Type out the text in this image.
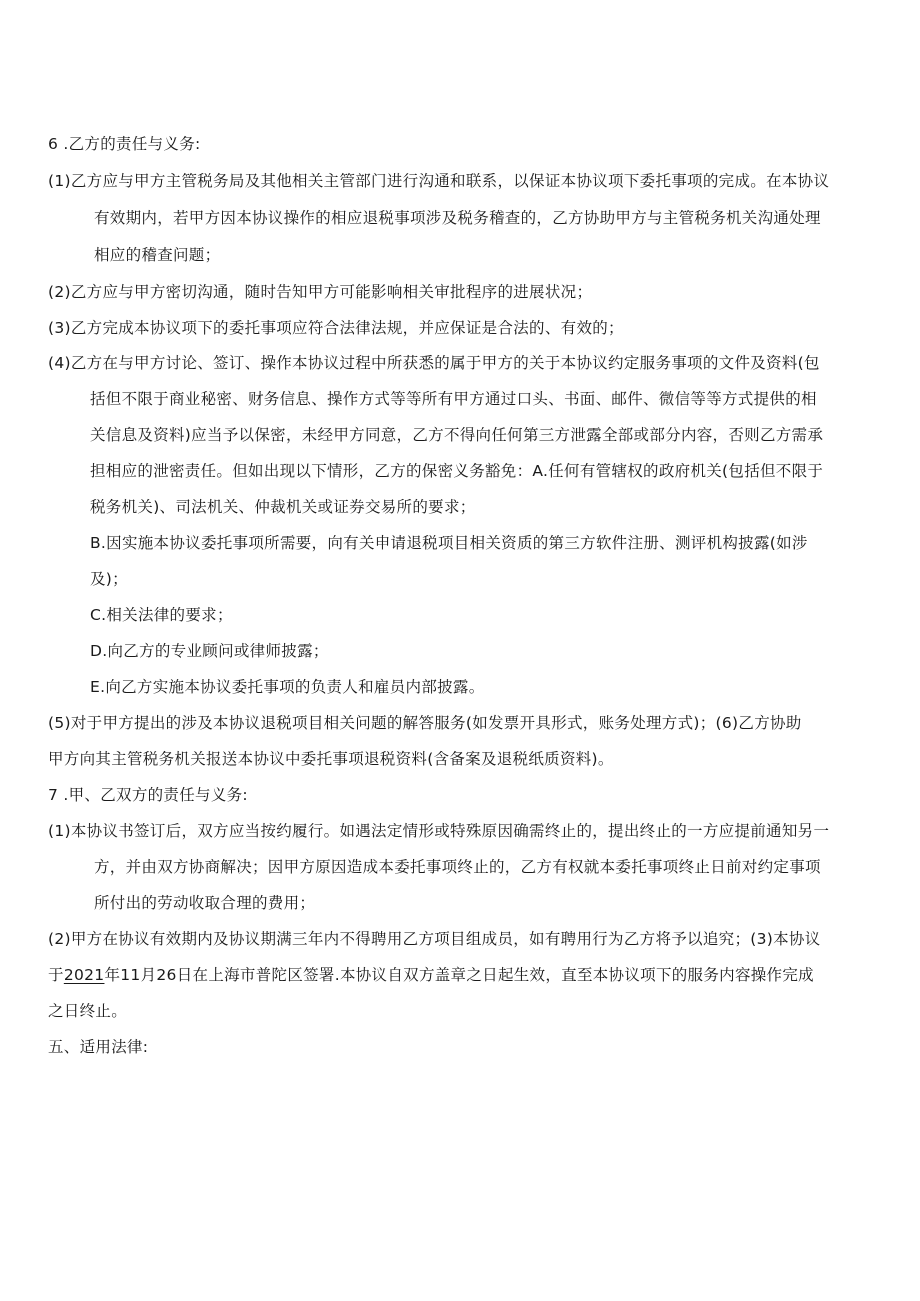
6 .乙方的责任与义务:

(1)乙方应与甲方主管税务局及其他相关主管部门进行沟通和联系，以保证本协议项下委托事项的完成。在本协议

有效期内，若甲方因本协议操作的相应退税事项涉及税务稽查的，乙方协助甲方与主管税务机关沟通处理

相应的稽查问题；

(2)乙方应与甲方密切沟通，随时告知甲方可能影响相关审批程序的进展状况；

(3)乙方完成本协议项下的委托事项应符合法律法规，并应保证是合法的、有效的；

(4)乙方在与甲方讨论、签订、操作本协议过程中所获悉的属于甲方的关于本协议约定服务事项的文件及资料(包

括但不限于商业秘密、财务信息、操作方式等等所有甲方通过口头、书面、邮件、微信等等方式提供的相

关信息及资料)应当予以保密，未经甲方同意，乙方不得向任何第三方泄露全部或部分内容，否则乙方需承

担相应的泄密责任。但如出现以下情形，乙方的保密义务豁免：A.任何有管辖权的政府机关(包括但不限于

税务机关)、司法机关、仲裁机关或证券交易所的要求；

B.因实施本协议委托事项所需要，向有关申请退税项目相关资质的第三方软件注册、测评机构披露(如涉

及)；

C.相关法律的要求；

D.向乙方的专业顾问或律师披露；

E.向乙方实施本协议委托事项的负责人和雇员内部披露。

(5)对于甲方提出的涉及本协议退税项目相关问题的解答服务(如发票开具形式，账务处理方式)；(6)乙方协助

甲方向其主管税务机关报送本协议中委托事项退税资料(含备案及退税纸质资料)。

7 .甲、乙双方的责任与义务:

(1)本协议书签订后，双方应当按约履行。如遇法定情形或特殊原因确需终止的，提出终止的一方应提前通知另一

方，并由双方协商解决；因甲方原因造成本委托事项终止的，乙方有权就本委托事项终止日前对约定事项

所付出的劳动收取合理的费用；

(2)甲方在协议有效期内及协议期满三年内不得聘用乙方项目组成员，如有聘用行为乙方将予以追究；(3)本协议

于2021年11月26日在上海市普陀区签署.本协议自双方盖章之日起生效，直至本协议项下的服务内容操作完成

之日终止。

五、适用法律:
